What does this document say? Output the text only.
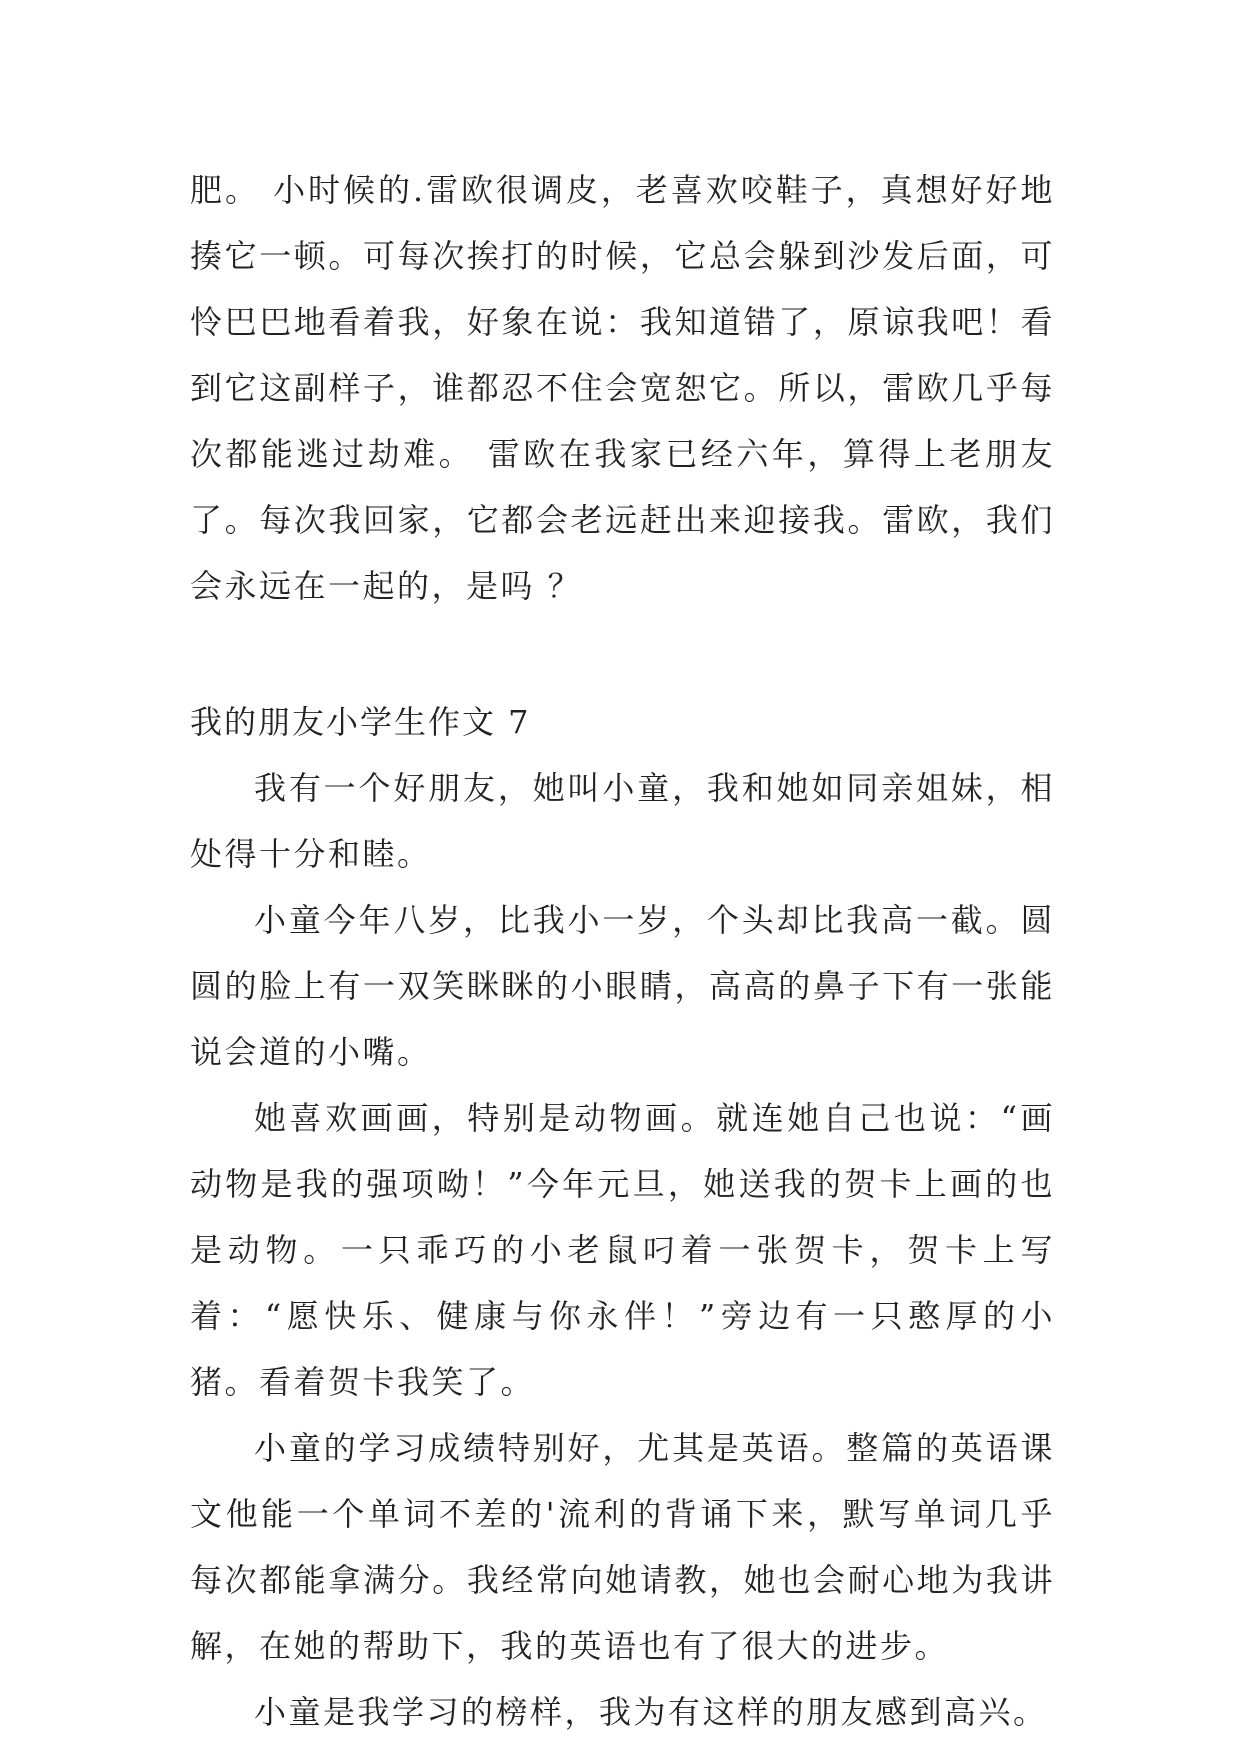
肥。 小时候的.雷欧很调皮，老喜欢咬鞋子，真想好好地揍它一顿。可每次挨打的时候，它总会躲到沙发后面，可怜巴巴地看着我，好象在说：我知道错了，原谅我吧！看到它这副样子，谁都忍不住会宽恕它。所以，雷欧几乎每次都能逃过劫难。 雷欧在我家已经六年，算得上老朋友了。每次我回家，它都会老远赶出来迎接我。雷欧，我们会永远在一起的，是吗 ？

我的朋友小学生作文 7

我有一个好朋友，她叫小童，我和她如同亲姐妹，相处得十分和睦。

小童今年八岁，比我小一岁，个头却比我高一截。圆圆的脸上有一双笑眯眯的小眼睛，高高的鼻子下有一张能说会道的小嘴。

她喜欢画画，特别是动物画。就连她自己也说：“画动物是我的强项呦！”今年元旦，她送我的贺卡上画的也是动物。一只乖巧的小老鼠叼着一张贺卡，贺卡上写着：“愿快乐、健康与你永伴！”旁边有一只憨厚的小猪。看着贺卡我笑了。

小童的学习成绩特别好，尤其是英语。整篇的英语课文他能一个单词不差的'流利的背诵下来，默写单词几乎每次都能拿满分。我经常向她请教，她也会耐心地为我讲解，在她的帮助下，我的英语也有了很大的进步。

小童是我学习的榜样，我为有这样的朋友感到高兴。
